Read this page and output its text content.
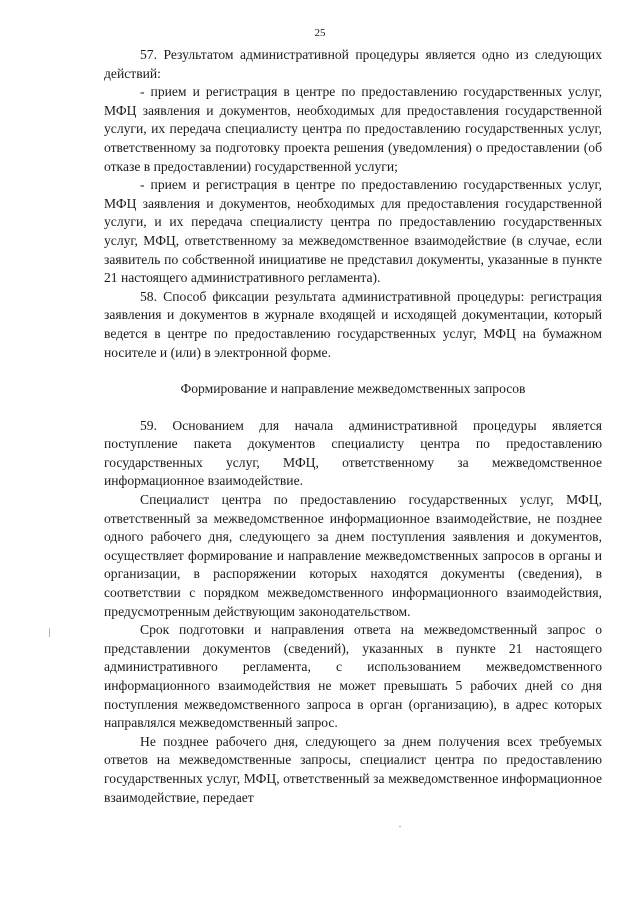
25

57. Результатом административной процедуры является одно из следующих действий:

- прием и регистрация в центре по предоставлению государственных услуг, МФЦ заявления и документов, необходимых для предоставления государственной услуги, их передача специалисту центра по предоставлению государственных услуг, ответственному за подготовку проекта решения (уведомления) о предоставлении (об отказе в предоставлении) государственной услуги;

- прием и регистрация в центре по предоставлению государственных услуг, МФЦ заявления и документов, необходимых для предоставления государственной услуги, и их передача специалисту центра по предоставлению государственных услуг, МФЦ, ответственному за межведомственное взаимодействие (в случае, если заявитель по собственной инициативе не представил документы, указанные в пункте 21 настоящего административного регламента).

58. Способ фиксации результата административной процедуры: регистрация заявления и документов в журнале входящей и исходящей документации, который ведется в центре по предоставлению государственных услуг, МФЦ на бумажном носителе и (или) в электронной форме.

Формирование и направление межведомственных запросов

59. Основанием для начала административной процедуры является поступление пакета документов специалисту центра по предоставлению государственных услуг, МФЦ, ответственному за межведомственное информационное взаимодействие.

Специалист центра по предоставлению государственных услуг, МФЦ, ответственный за межведомственное информационное взаимодействие, не позднее одного рабочего дня, следующего за днем поступления заявления и документов, осуществляет формирование и направление межведомственных запросов в органы и организации, в распоряжении которых находятся документы (сведения), в соответствии с порядком межведомственного информационного взаимодействия, предусмотренным действующим законодательством.

Срок подготовки и направления ответа на межведомственный запрос о представлении документов (сведений), указанных в пункте 21 настоящего административного регламента, с использованием межведомственного информационного взаимодействия не может превышать 5 рабочих дней со дня поступления межведомственного запроса в орган (организацию), в адрес которых направлялся межведомственный запрос.

Не позднее рабочего дня, следующего за днем получения всех требуемых ответов на межведомственные запросы, специалист центра по предоставлению государственных услуг, МФЦ, ответственный за межведомственное информационное взаимодействие, передает
